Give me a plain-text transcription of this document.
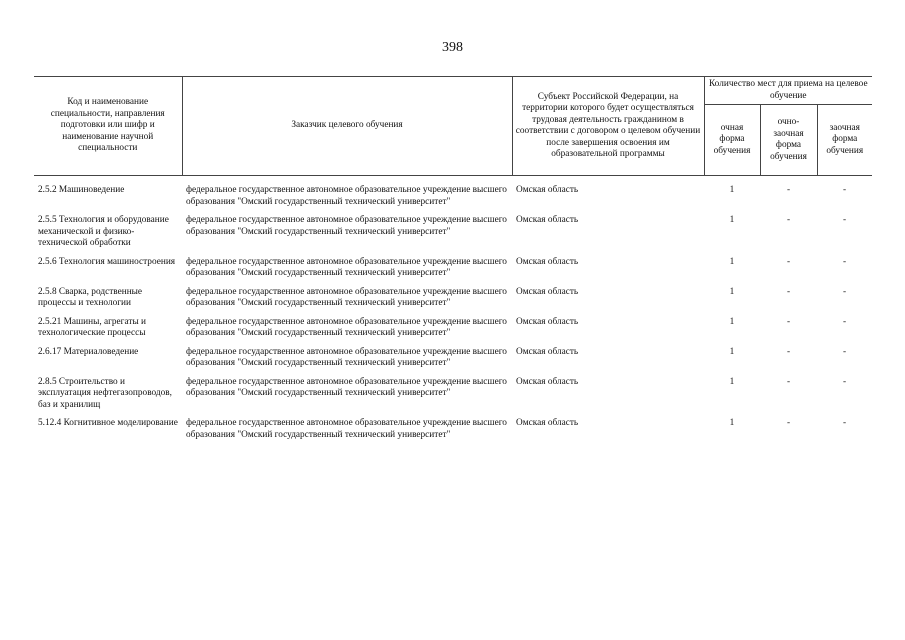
398
Код и наименование специальности, направления подготовки или шифр и наименование научной специальности	Заказчик целевого обучения	Субъект Российской Федерации, на территории которого будет осуществляться трудовая деятельность гражданином в соответствии с договором о целевом обучении после завершения освоения им образовательной программы	Количество мест для приема на целевое обучение		
			очная форма обучения	очно-заочная форма обучения	заочная форма обучения

2.5.2 Машиноведение	федеральное государственное автономное образовательное учреждение высшего образования "Омский государственный технический университет"	Омская область	1	-	-
2.5.5 Технология и оборудование механической и физико-технической обработки	федеральное государственное автономное образовательное учреждение высшего образования "Омский государственный технический университет"	Омская область	1	-	-
2.5.6 Технология машиностроения	федеральное государственное автономное образовательное учреждение высшего образования "Омский государственный технический университет"	Омская область	1	-	-
2.5.8 Сварка, родственные процессы и технологии	федеральное государственное автономное образовательное учреждение высшего образования "Омский государственный технический университет"	Омская область	1	-	-
2.5.21 Машины, агрегаты и технологические процессы	федеральное государственное автономное образовательное учреждение высшего образования "Омский государственный технический университет"	Омская область	1	-	-
2.6.17 Материаловедение	федеральное государственное автономное образовательное учреждение высшего образования "Омский государственный технический университет"	Омская область	1	-	-
2.8.5 Строительство и эксплуатация нефтегазопроводов, баз и хранилищ	федеральное государственное автономное образовательное учреждение высшего образования "Омский государственный технический университет"	Омская область	1	-	-
5.12.4 Когнитивное моделирование	федеральное государственное автономное образовательное учреждение высшего образования "Омский государственный технический университет"	Омская область	1	-	-
